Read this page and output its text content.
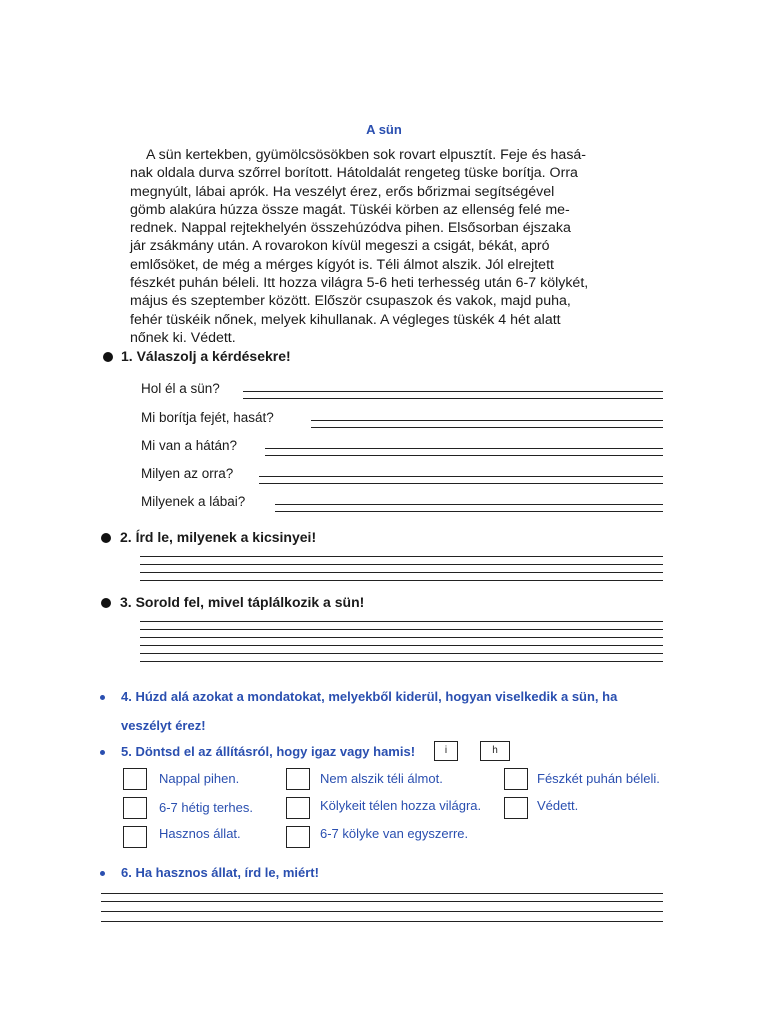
A sün
A sün kertekben, gyümölcsösökben sok rovart elpusztít. Feje és hasá-
nak oldala durva szőrrel borított. Hátoldalát rengeteg tüske borítja. Orra
megnyúlt, lábai aprók. Ha veszélyt érez, erős bőrizmai segítségével
gömb alakúra húzza össze magát. Tüskéi körben az ellenség felé me-
rednek. Nappal rejtekhelyén összehúzódva pihen. Elsősorban éjszaka
jár zsákmány után. A rovarokon kívül megeszi a csigát, békát, apró
emlősöket, de még a mérges kígyót is. Téli álmot alszik. Jól elrejtett
fészkét puhán béleli. Itt hozza világra 5-6 heti terhesség után 6-7 kölykét,
május és szeptember között. Először csupaszok és vakok, majd puha,
fehér tüskéik nőnek, melyek kihullanak. A végleges tüskék 4 hét alatt
nőnek ki. Védett.
1. Válaszolj a kérdésekre!
Hol él a sün?
Mi borítja fejét, hasát?
Mi van a hátán?
Milyen az orra?
Milyenek a lábai?
2. Írd le, milyenek a kicsinyei!
3. Sorold fel, mivel táplálkozik a sün!
4. Húzd alá azokat a mondatokat, melyekből kiderül, hogyan viselkedik a sün, ha
veszélyt érez!
5. Döntsd el az állításról, hogy igaz vagy hamis!	i	h
Nappal pihen.	Nem alszik téli álmot.	Fészkét puhán béleli.
6-7 hétig terhes.	Kölykeit télen hozza világra.	Védett.
Hasznos állat.	6-7 kölyke van egyszerre.
6. Ha hasznos állat, írd le, miért!
